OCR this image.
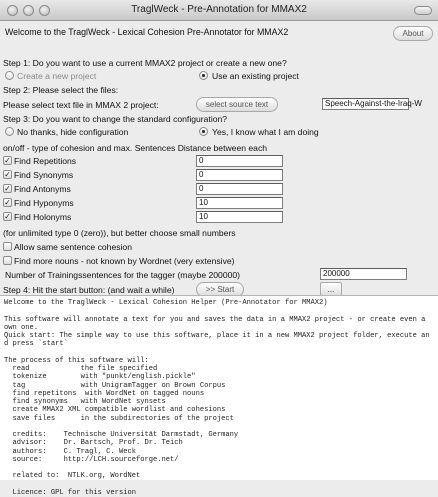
TraglWeck - Pre-Annotation for MMAX2
Welcome to the TraglWeck - Lexical Cohesion Pre-Annotator for MMAX2	About
Step 1: Do you want to use a current MMAX2 project or create a new one?
Create a new project	Use an existing project
Step 2: Please select the files:
Please select text file in MMAX 2 project:	select source text	Speech-Against-the-Iraq-W
Step 3: Do you want to change the standard configuration?
No thanks, hide configuration	Yes, I know what I am doing
on/off - type of cohesion and max. Sentences Distance between each
✓ Find Repetitions	0
✓ Find Synonyms	0
✓ Find Antonyms	0
✓ Find Hyponyms	10
✓ Find Holonyms	10
(for unlimited type 0 (zero)), but better choose small numbers
Allow same sentence cohesion
Find more nouns - not known by Wordnet (very extensive)
Number of Trainingssentences for the tagger (maybe 200000)	200000
Step 4: Hit the start button: (and wait a while)	>> Start	...
Welcome to the TraglWeck - Lexical Cohesion Helper (Pre-Annotator for MMAX2)

This software will annotate a text for you and saves the data in a MMAX2 project - or create even a own one.
Quick start: The simple way to use this software, place it in a new MMAX2 project folder, execute an
d press `start`

The process of this software will:
read            the file specified
tokenize        with "punkt/english.pickle"
tag             with UnigramTagger on Brown Corpus
find repetitons  with WordNet on tagged nouns
find synonyms   with WordNet synsets
create MMAX2 XML compatible wordlist and cohesions
save files      in the subdirectories of the project

credits:    Technische Universität Darmstadt, Germany
advisor:    Dr. Bartsch, Prof. Dr. Teich
authors:    C. Tragl, C. Weck
source:     http://LCH.sourceforge.net/

related to:  NTLK.org, WordNet

Licence: GPL for this version
